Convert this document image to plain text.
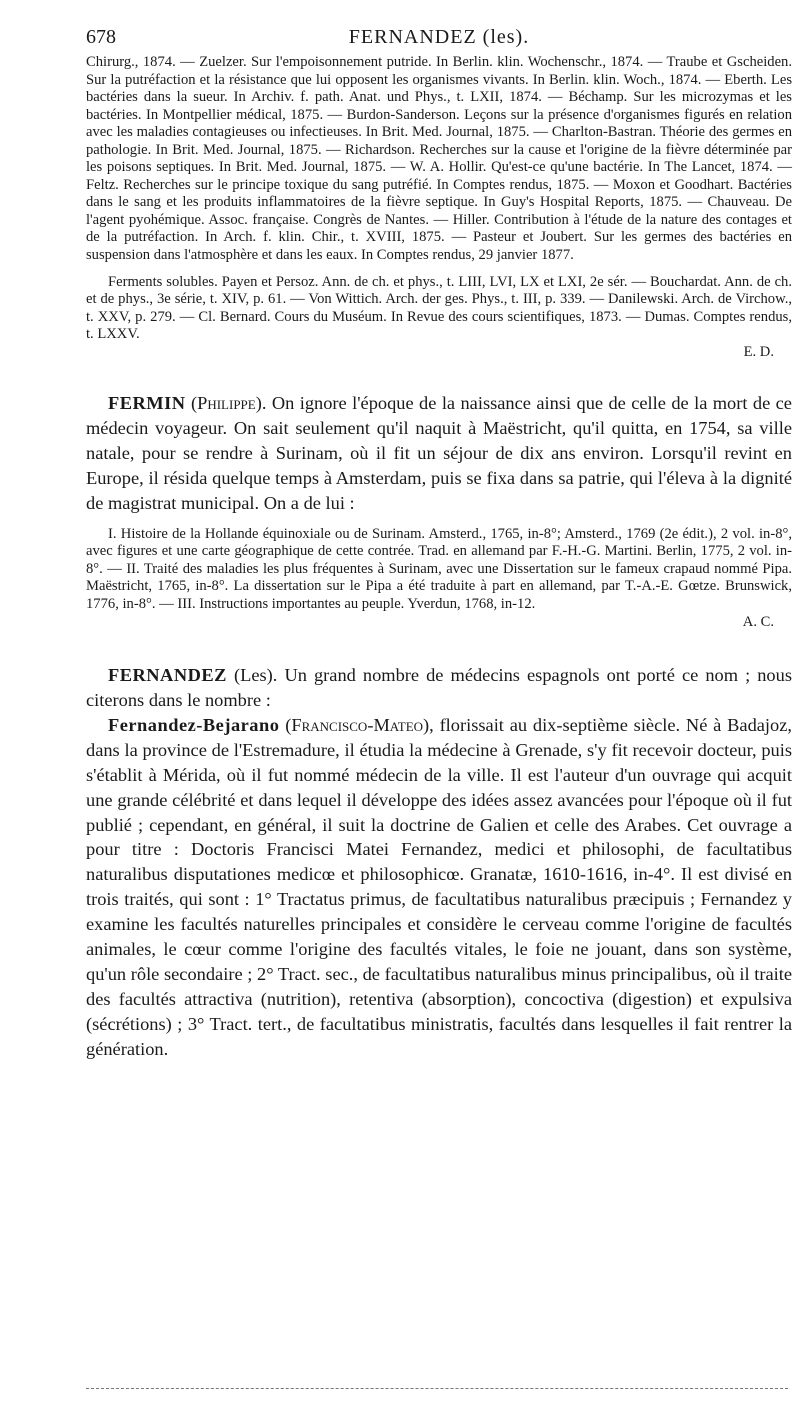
678	FERNANDEZ (les).

Chirurg., 1874. — Zuelzer. Sur l'empoisonnement putride. In Berlin. klin. Wochenschr., 1874. — Traube et Gscheiden. Sur la putréfaction et la résistance que lui opposent les organismes vivants. In Berlin. klin. Woch., 1874. — Eberth. Les bactéries dans la sueur. In Archiv. f. path. Anat. und Phys., t. LXII, 1874. — Béchamp. Sur les microzymas et les bactéries. In Montpellier médical, 1875. — Burdon-Sanderson. Leçons sur la présence d'organismes figurés en relation avec les maladies contagieuses ou infectieuses. In Brit. Med. Journal, 1875. — Charlton-Bastran. Théorie des germes en pathologie. In Brit. Med. Journal, 1875. — Richardson. Recherches sur la cause et l'origine de la fièvre déterminée par les poisons septiques. In Brit. Med. Journal, 1875. — W. A. Hollir. Qu'est-ce qu'une bactérie. In The Lancet, 1874. — Feltz. Recherches sur le principe toxique du sang putréfié. In Comptes rendus, 1875. — Moxon et Goodhart. Bactéries dans le sang et les produits inflammatoires de la fièvre septique. In Guy's Hospital Reports, 1875. — Chauveau. De l'agent pyohémique. Assoc. française. Congrès de Nantes. — Hiller. Contribution à l'étude de la nature des contages et de la putréfaction. In Arch. f. klin. Chir., t. XVIII, 1875. — Pasteur et Joubert. Sur les germes des bactéries en suspension dans l'atmosphère et dans les eaux. In Comptes rendus, 29 janvier 1877.

Ferments solubles. Payen et Persoz. Ann. de ch. et phys., t. LIII, LVI, LX et LXI, 2e sér. — Bouchardat. Ann. de ch. et de phys., 3e série, t. XIV, p. 61. — Von Wittich. Arch. der ges. Phys., t. III, p. 339. — Danilewski. Arch. de Virchow., t. XXV, p. 279. — Cl. Bernard. Cours du Muséum. In Revue des cours scientifiques, 1873. — Dumas. Comptes rendus, t. LXXV.

E. D.

FERMIN (Philippe). On ignore l'époque de la naissance ainsi que de celle de la mort de ce médecin voyageur. On sait seulement qu'il naquit à Maëstricht, qu'il quitta, en 1754, sa ville natale, pour se rendre à Surinam, où il fit un séjour de dix ans environ. Lorsqu'il revint en Europe, il résida quelque temps à Amsterdam, puis se fixa dans sa patrie, qui l'éleva à la dignité de magistrat municipal. On a de lui :

I. Histoire de la Hollande équinoxiale ou de Surinam. Amsterd., 1765, in-8°; Amsterd., 1769 (2e édit.), 2 vol. in-8°, avec figures et une carte géographique de cette contrée. Trad. en allemand par F.-H.-G. Martini. Berlin, 1775, 2 vol. in-8°. — II. Traité des maladies les plus fréquentes à Surinam, avec une Dissertation sur le fameux crapaud nommé Pipa. Maëstricht, 1765, in-8°. La dissertation sur le Pipa a été traduite à part en allemand, par T.-A.-E. Gœtze. Brunswick, 1776, in-8°. — III. Instructions importantes au peuple. Yverdun, 1768, in-12.

A. C.

FERNANDEZ (Les). Un grand nombre de médecins espagnols ont porté ce nom ; nous citerons dans le nombre :

Fernandez-Bejarano (Francisco-Mateo), florissait au dix-septième siècle. Né à Badajoz, dans la province de l'Estremadure, il étudia la médecine à Grenade, s'y fit recevoir docteur, puis s'établit à Mérida, où il fut nommé médecin de la ville. Il est l'auteur d'un ouvrage qui acquit une grande célébrité et dans lequel il développe des idées assez avancées pour l'époque où il fut publié ; cependant, en général, il suit la doctrine de Galien et celle des Arabes. Cet ouvrage a pour titre : Doctoris Francisci Matei Fernandez, medici et philosophi, de facultatibus naturalibus disputationes medicœ et philosophicœ. Granatæ, 1610-1616, in-4°. Il est divisé en trois traités, qui sont : 1° Tractatus primus, de facultatibus naturalibus præcipuis ; Fernandez y examine les facultés naturelles principales et considère le cerveau comme l'origine de facultés animales, le cœur comme l'origine des facultés vitales, le foie ne jouant, dans son système, qu'un rôle secondaire ; 2° Tract. sec., de facultatibus naturalibus minus principalibus, où il traite des facultés attractiva (nutrition), retentiva (absorption), concoctiva (digestion) et expulsiva (sécrétions) ; 3° Tract. tert., de facultatibus ministratis, facultés dans lesquelles il fait rentrer la génération.
